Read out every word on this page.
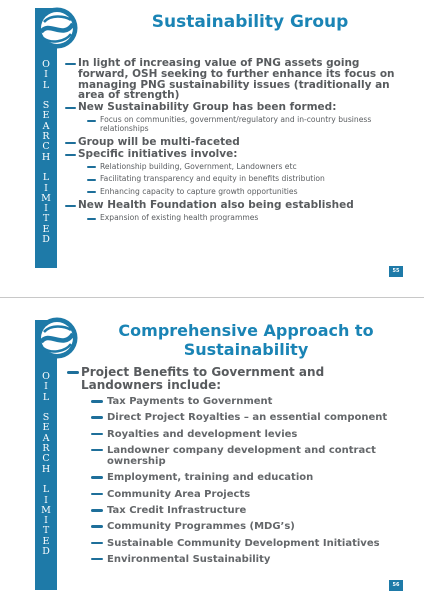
O
I
L
S
E
A
R
C
H
L
I
M
I
T
E
D
Sustainability Group
In light of increasing value of PNG assets going forward, OSH seeking to further enhance its focus on managing PNG sustainability issues (traditionally an area of strength)
New Sustainability Group has been formed:
Focus on communities, government/regulatory and in-country business relationships
Group will be multi-faceted
Specific initiatives involve:
Relationship building, Government, Landowners etc
Facilitating transparency and equity in benefits distribution
Enhancing capacity to capture growth opportunities
New Health Foundation also being established
Expansion of existing health programmes
55
O
I
L
S
E
A
R
C
H
L
I
M
I
T
E
D
Comprehensive Approach to
Sustainability
Project Benefits to Government and Landowners include:
Tax Payments to Government
Direct Project Royalties – an essential component
Royalties and development levies
Landowner company development and contract ownership
Employment, training and education
Community Area Projects
Tax Credit Infrastructure
Community Programmes (MDG’s)
Sustainable Community Development Initiatives
Environmental Sustainability
56
